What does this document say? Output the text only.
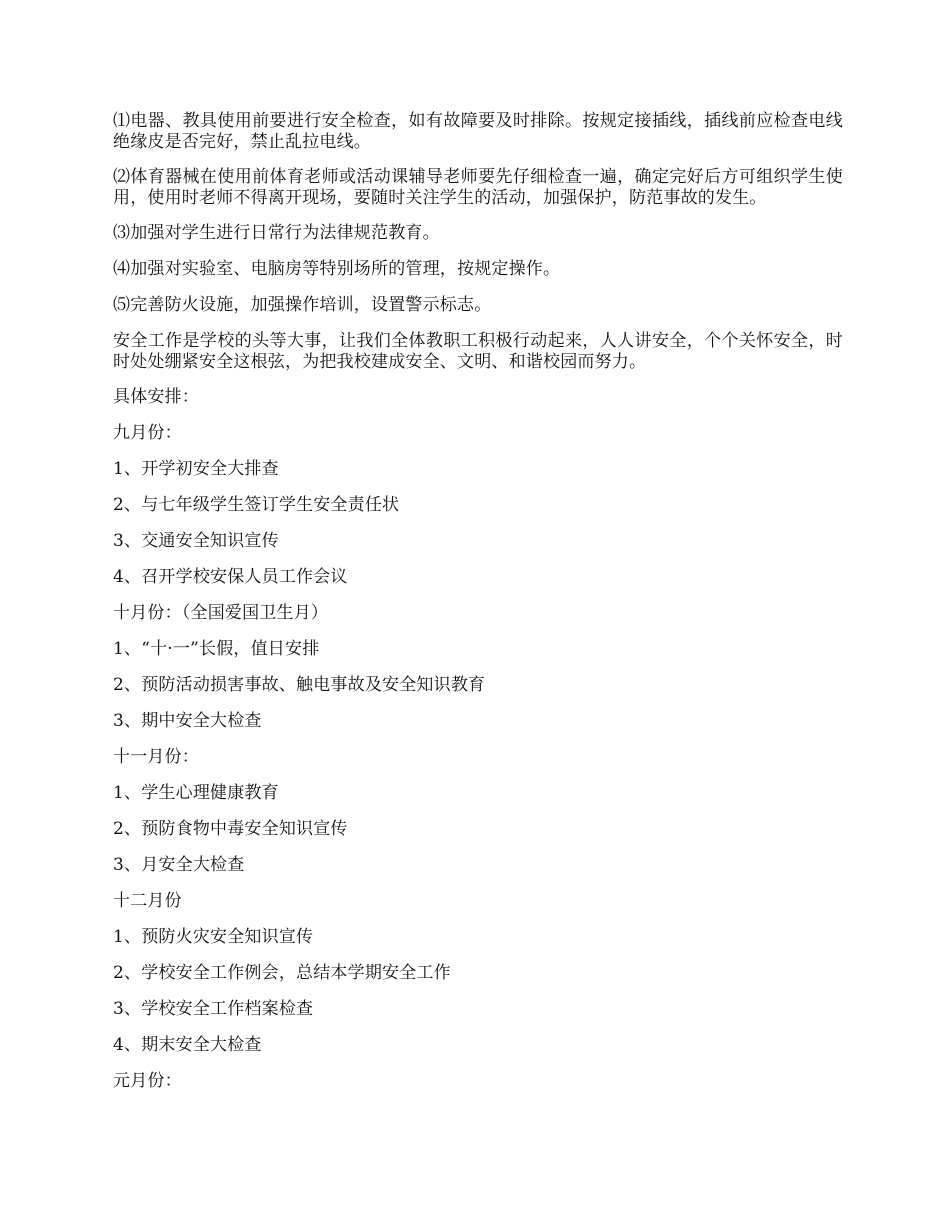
⑴电器、教具使用前要进行安全检查，如有故障要及时排除。按规定接插线，插线前应检查电线绝缘皮是否完好，禁止乱拉电线。

⑵体育器械在使用前体育老师或活动课辅导老师要先仔细检查一遍，确定完好后方可组织学生使用，使用时老师不得离开现场，要随时关注学生的活动，加强保护，防范事故的发生。

⑶加强对学生进行日常行为法律规范教育。

⑷加强对实验室、电脑房等特别场所的管理，按规定操作。

⑸完善防火设施，加强操作培训，设置警示标志。

安全工作是学校的头等大事，让我们全体教职工积极行动起来，人人讲安全，个个关怀安全，时时处处绷紧安全这根弦，为把我校建成安全、文明、和谐校园而努力。

具体安排：

九月份：

1、开学初安全大排查

2、与七年级学生签订学生安全责任状

3、交通安全知识宣传

4、召开学校安保人员工作会议

十月份：（全国爱国卫生月）

1、“十·一”长假，值日安排

2、预防活动损害事故、触电事故及安全知识教育

3、期中安全大检查

十一月份：

1、学生心理健康教育

2、预防食物中毒安全知识宣传

3、月安全大检查

十二月份

1、预防火灾安全知识宣传

2、学校安全工作例会，总结本学期安全工作

3、学校安全工作档案检查

4、期末安全大检查

元月份：
